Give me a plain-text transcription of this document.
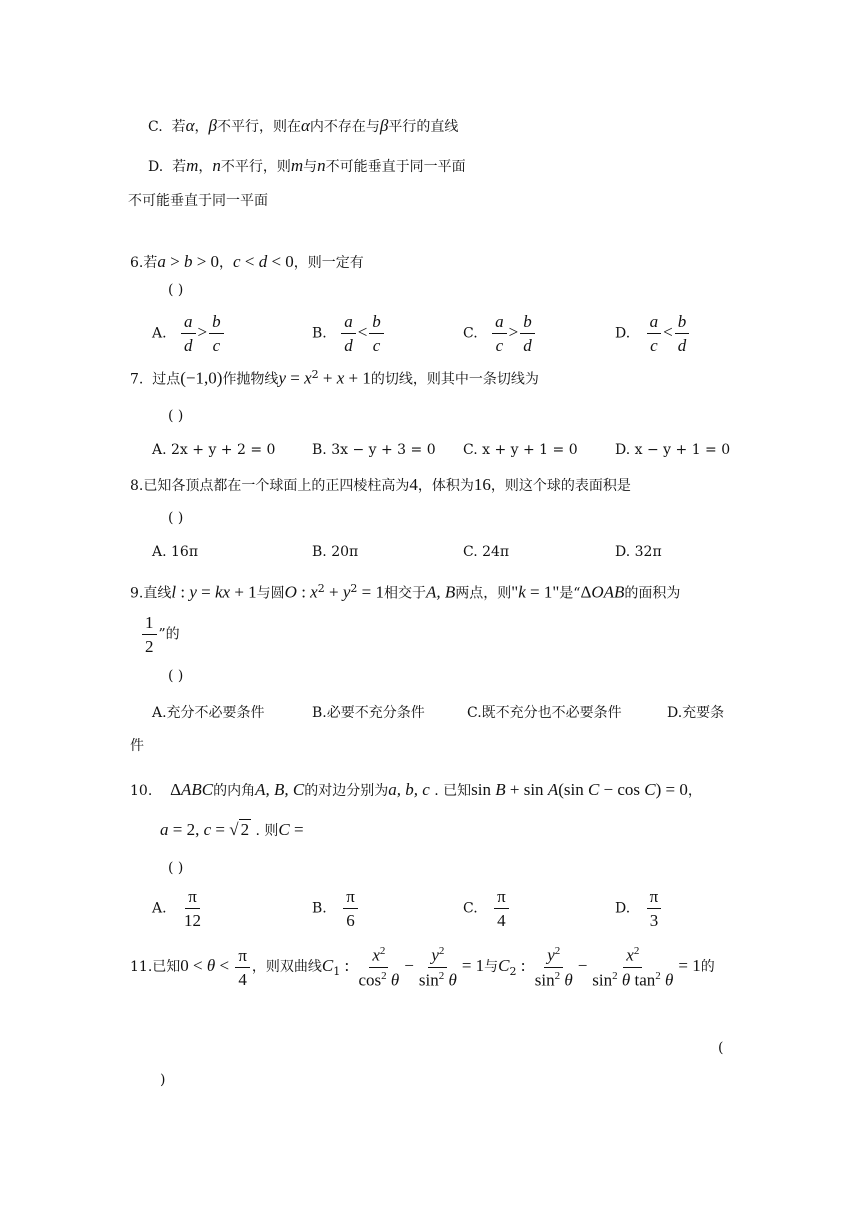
C.  若α，β不平行，则在α内不存在与β平行的直线
D.  若m，n不平行，则m与n不可能垂直于同一平面
不可能垂直于同一平面
6.若a > b > 0，c < d < 0，则一定有
( )
A. $\frac{a}{d} > \frac{b}{c}$	B. $\frac{a}{d} < \frac{b}{c}$	C. $\frac{a}{c} > \frac{b}{d}$	D. $\frac{a}{c} < \frac{b}{d}$
7.  过点(−1,0)作抛物线$y = x^2 + x + 1$的切线，则其中一条切线为
( )
A. 2x + y + 2 = 0	B. 3x − y + 3 = 0 C. x + y + 1 = 0	D. x − y + 1 = 0
8.已知各顶点都在一个球面上的正四棱柱高为4，体积为16，则这个球的表面积是
( )
A. 16π	B. 20π	C. 24π	D. 32π
9.直线l : y = kx + 1与圆O : $x^2 + y^2 = 1$相交于A, B两点，则"k = 1"是“ΔOAB的面积为
$\frac{1}{2}$ ”的
( )
A.充分不必要条件	B.必要不充分条件	C.既不充分也不必要条件	D.充要条
件
10.    ΔABC的内角A, B, C的对边分别为a, b, c . 已知sin B + sin A(sin C − cos C) = 0，
a = 2, c = √ 2 . 则C =
( )
A. $\frac{\pi}{12}$	B. $\frac{\pi}{6}$	C. $\frac{\pi}{4}$	D. $\frac{\pi}{3}$
11.已知$0 < \theta < \frac{\pi}{4}$ ，则双曲线$C_1$ : $\frac{x^2}{\cos^2 \theta} - \frac{y^2}{\sin^2 \theta} = 1$与$C_2$ : $\frac{y^2}{\sin^2 \theta} - \frac{x^2}{\sin^2 \theta \tan^2 \theta} = 1$的
(
)
